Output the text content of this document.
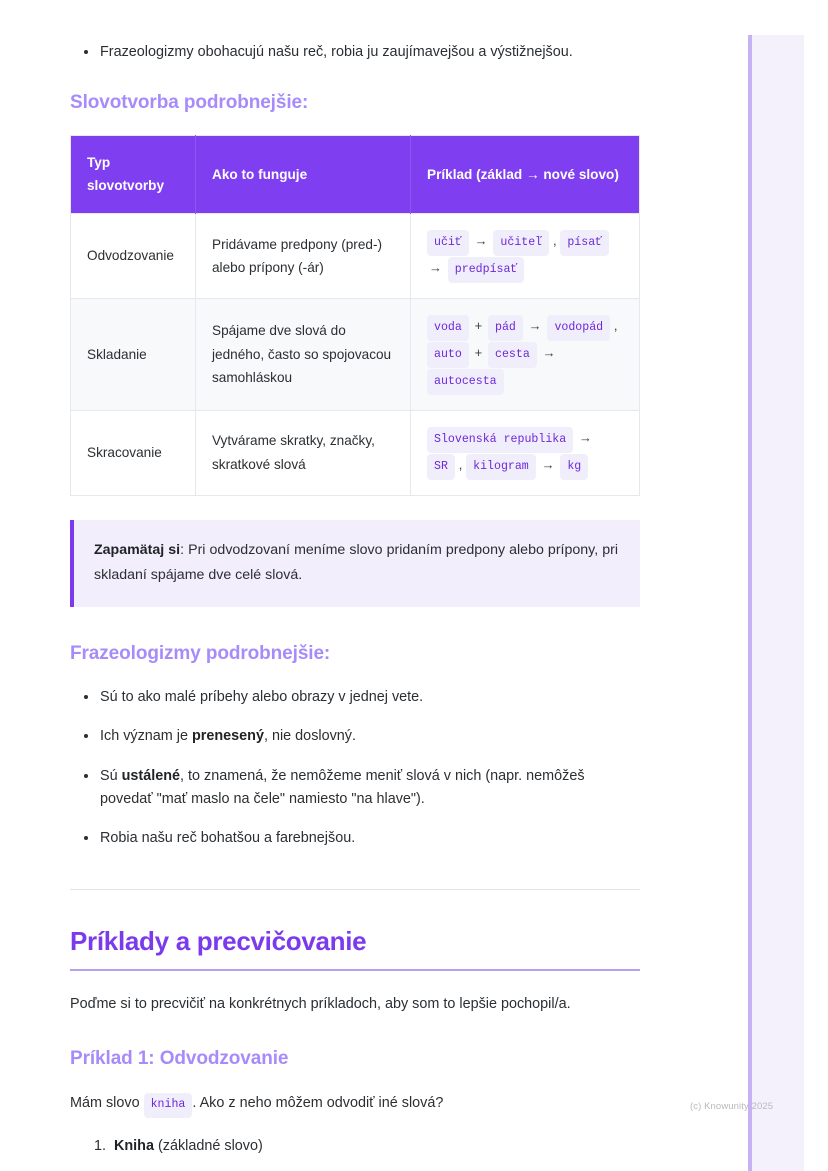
(c) Knowunity 2025
Frazeologizmy obohacujú našu reč, robia ju zaujímavejšou a výstižnejšou.
Slovotvorba podrobnejšie:
Typ slovotvorby	Ako to funguje	Príklad (základ → nové slovo)
Odvodzovanie	Pridávame predpony (pred-) alebo prípony (-ár)	učiť → učiteľ , písať → predpísať
Skladanie	Spájame dve slová do jedného, často so spojovacou samohláskou	voda + pád → vodopád , auto + cesta → autocesta
Skracovanie	Vytvárame skratky, značky, skratkové slová	Slovenská republika → SR , kilogram → kg

Zapamätaj si: Pri odvodzovaní meníme slovo pridaním predpony alebo prípony, pri skladaní spájame dve celé slová.

Frazeologizmy podrobnejšie:
Sú to ako malé príbehy alebo obrazy v jednej vete.
Ich význam je prenesený, nie doslovný.
Sú ustálené, to znamená, že nemôžeme meniť slová v nich (napr. nemôžeš povedať "mať maslo na čele" namiesto "na hlave").
Robia našu reč bohatšou a farebnejšou.
Príklady a precvičovanie

Poďme si to precvičiť na konkrétnych príkladoch, aby som to lepšie pochopil/a.

Príklad 1: Odvodzovanie

Mám slovo kniha . Ako z neho môžem odvodiť iné slová?

1. Kniha (základné slovo)
